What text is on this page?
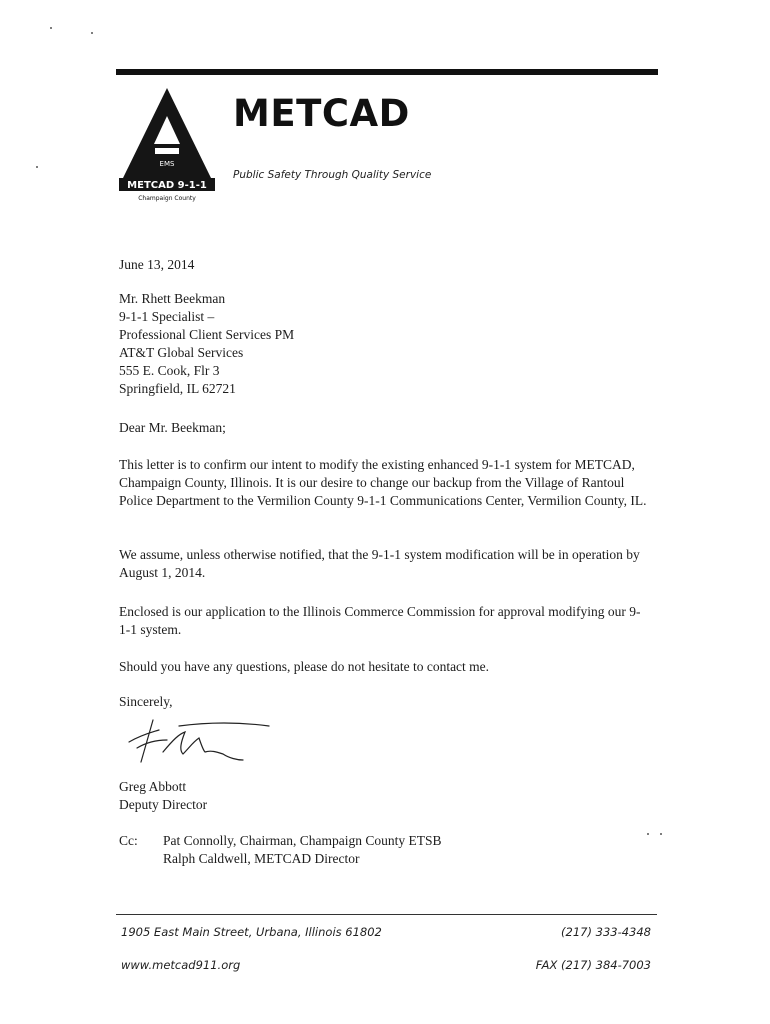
EMS
METCAD 9-1-1
Champaign County
METCAD
Public Safety Through Quality Service
June 13, 2014
Mr. Rhett Beekman
9-1-1 Specialist –
Professional Client Services PM
AT&T Global Services
555 E. Cook, Flr 3
Springfield, IL 62721
Dear Mr. Beekman;

This letter is to confirm our intent to modify the existing enhanced 9-1-1 system for METCAD, Champaign County, Illinois. It is our desire to change our backup from the Village of Rantoul Police Department to the Vermilion County 9-1-1 Communications Center, Vermilion County, IL.

We assume, unless otherwise notified, that the 9-1-1 system modification will be in operation by August 1, 2014.

Enclosed is our application to the Illinois Commerce Commission for approval modifying our 9-1-1 system.

Should you have any questions, please do not hesitate to contact me.

Sincerely,
Greg Abbott
Deputy Director
Cc: Pat Connolly, Chairman, Champaign County ETSB
Ralph Caldwell, METCAD Director
1905 East Main Street, Urbana, Illinois 61802	(217) 333-4348
www.metcad911.org	FAX (217) 384-7003
